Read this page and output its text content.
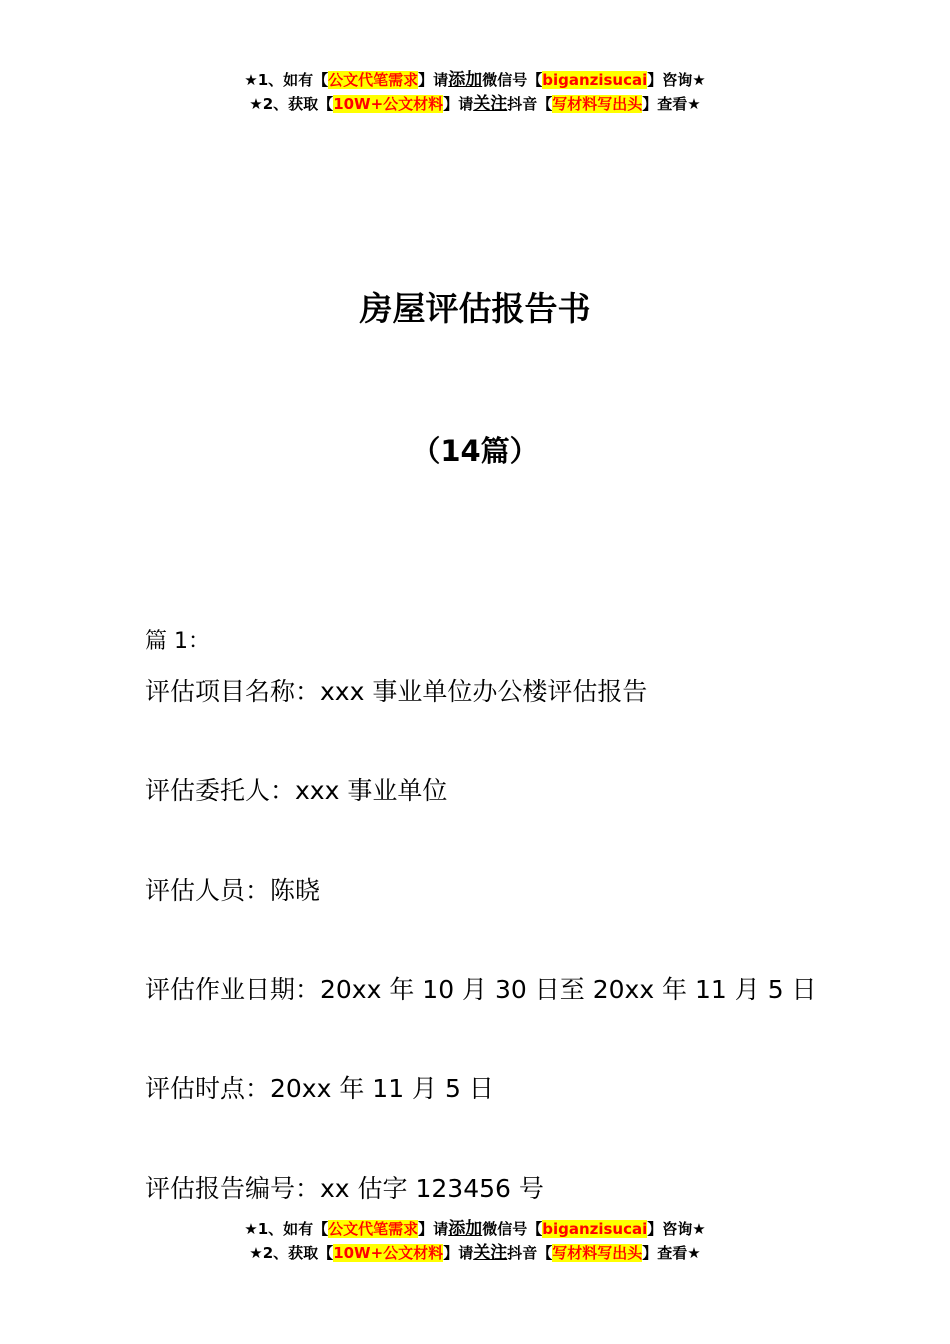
★1、如有【公文代笔需求】请添加微信号【biganzisucai】咨询★
★2、获取【10W+公文材料】请关注抖音【写材料写出头】查看★
房屋评估报告书
（14篇）
篇 1：
评估项目名称：xxx 事业单位办公楼评估报告
评估委托人：xxx 事业单位
评估人员：陈晓
评估作业日期：20xx 年 10 月 30 日至 20xx 年 11 月 5 日
评估时点：20xx 年 11 月 5 日
评估报告编号：xx 估字 123456 号
★1、如有【公文代笔需求】请添加微信号【biganzisucai】咨询★
★2、获取【10W+公文材料】请关注抖音【写材料写出头】查看★
